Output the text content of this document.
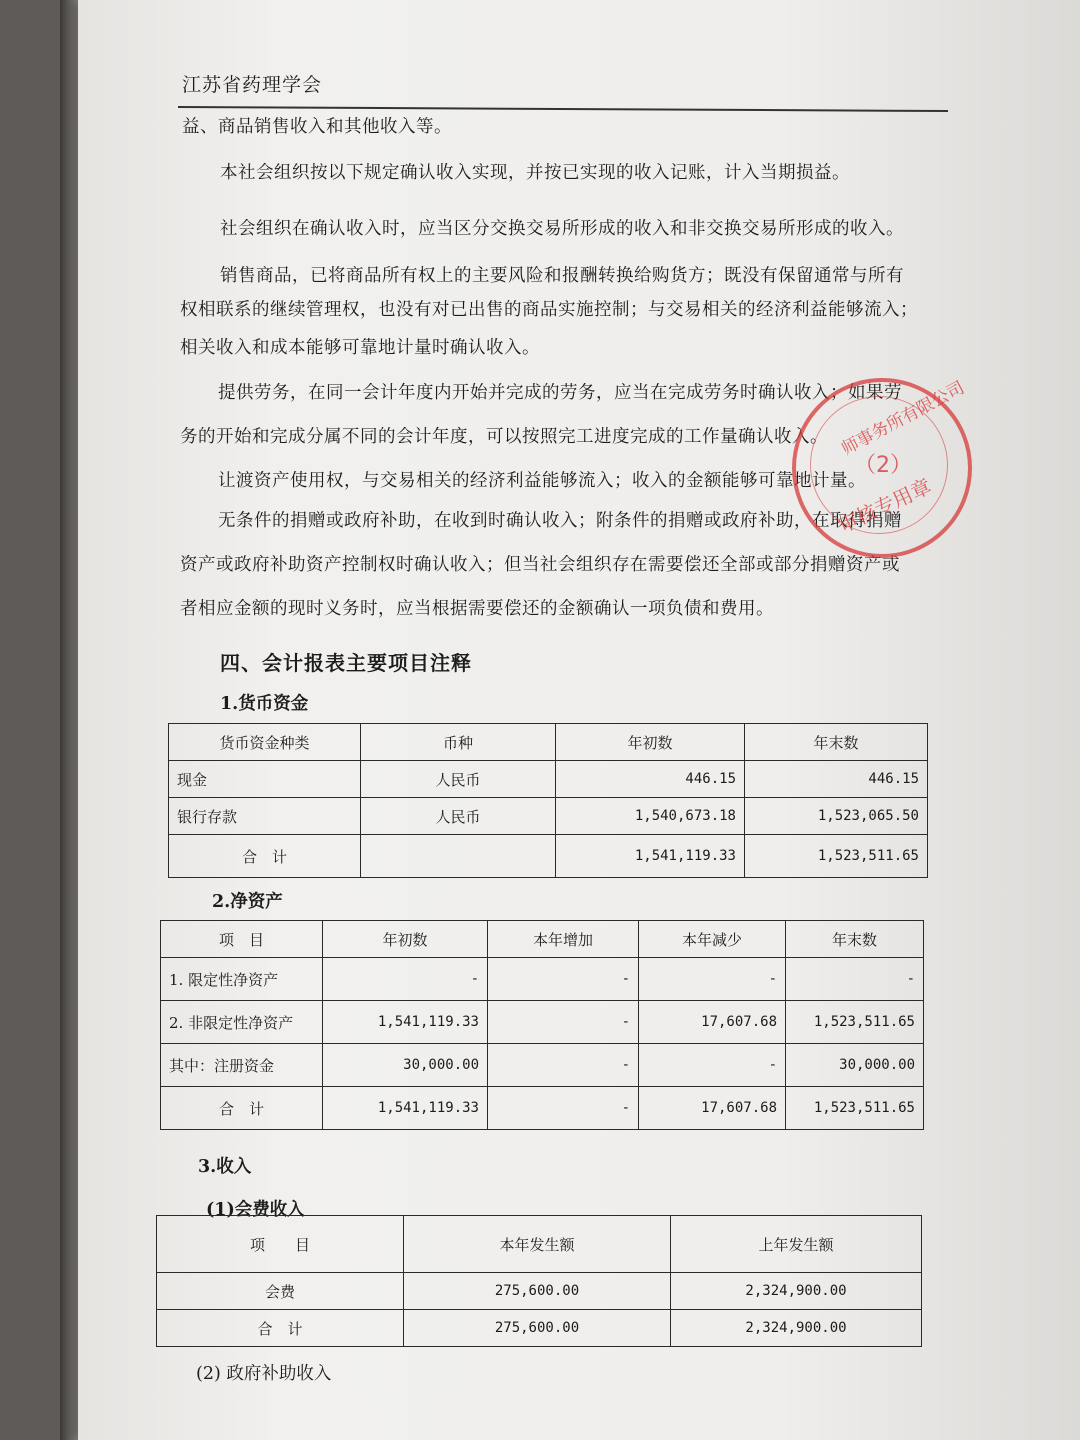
江苏省药理学会
益、商品销售收入和其他收入等。
本社会组织按以下规定确认收入实现，并按已实现的收入记账，计入当期损益。
社会组织在确认收入时，应当区分交换交易所形成的收入和非交换交易所形成的收入。
销售商品，已将商品所有权上的主要风险和报酬转换给购货方；既没有保留通常与所有
权相联系的继续管理权，也没有对已出售的商品实施控制；与交易相关的经济利益能够流入；
相关收入和成本能够可靠地计量时确认收入。
提供劳务，在同一会计年度内开始并完成的劳务，应当在完成劳务时确认收入；如果劳
务的开始和完成分属不同的会计年度，可以按照完工进度完成的工作量确认收入。
让渡资产使用权，与交易相关的经济利益能够流入；收入的金额能够可靠地计量。
无条件的捐赠或政府补助，在收到时确认收入；附条件的捐赠或政府补助，在取得捐赠
资产或政府补助资产控制权时确认收入；但当社会组织存在需要偿还全部或部分捐赠资产或
者相应金额的现时义务时，应当根据需要偿还的金额确认一项负债和费用。
四、会计报表主要项目注释
1.货币资金
货币资金种类	币种	年初数	年末数
现金	人民币	446.15	446.15
银行存款	人民币	1,540,673.18	1,523,065.50
合　计		1,541,119.33	1,523,511.65
2.净资产
项　目	年初数	本年增加	本年减少	年末数
1. 限定性净资产	-	-	-	-
2. 非限定性净资产	1,541,119.33	-	17,607.68	1,523,511.65
其中：注册资金	30,000.00	-	-	30,000.00
合　计	1,541,119.33	-	17,607.68	1,523,511.65
3.收入
(1)会费收入
项　　目	本年发生额	上年发生额
会费	275,600.00	2,324,900.00
合　计	275,600.00	2,324,900.00
(2) 政府补助收入
师事务所有限公司
（2）
审核专用章
